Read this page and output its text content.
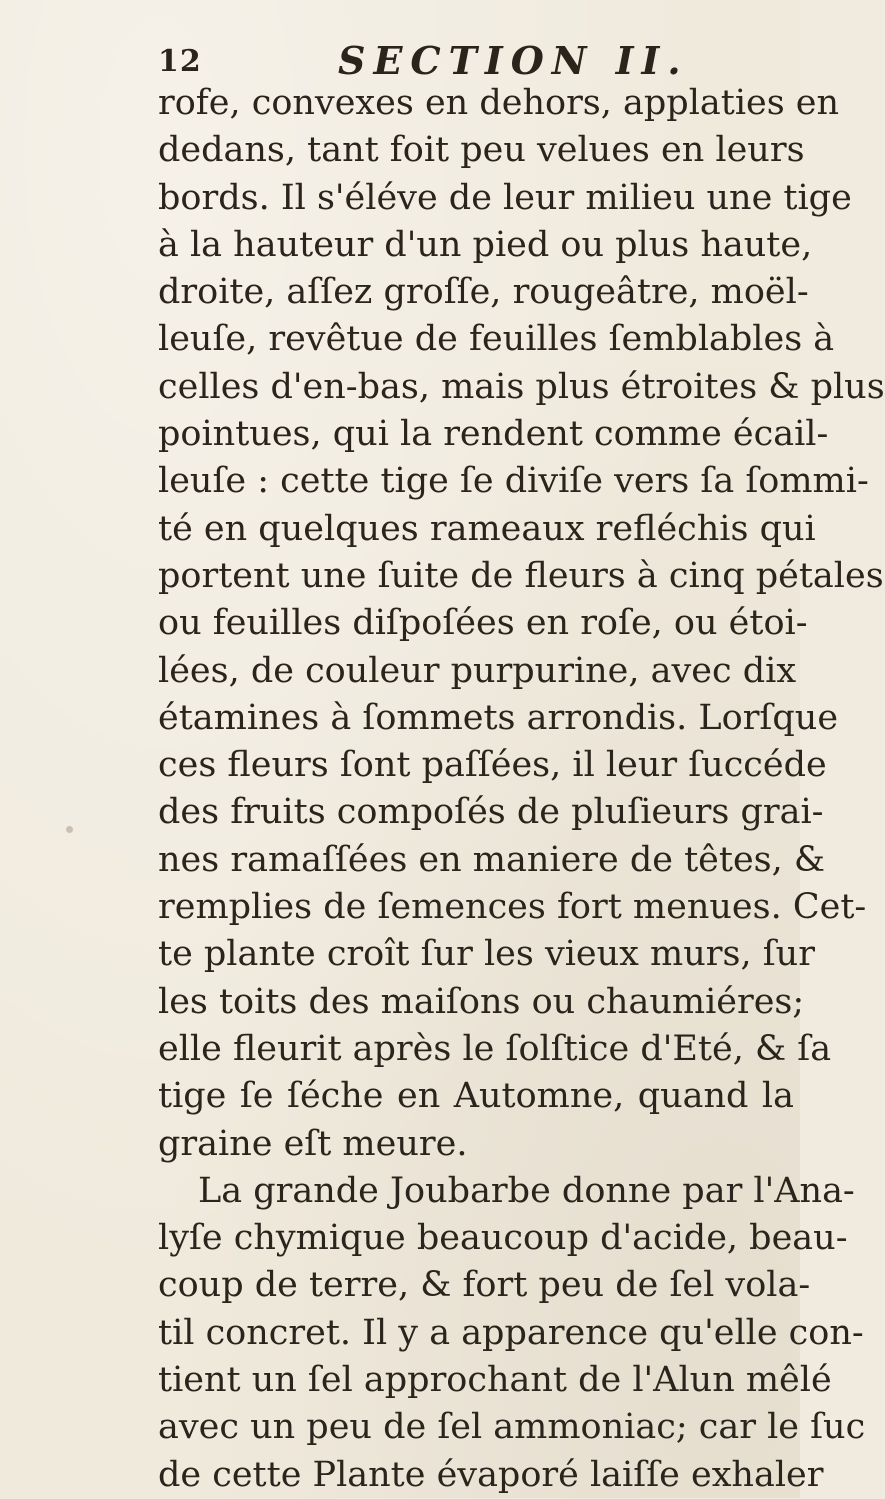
12	SECTION II.
rofe, convexes en dehors, applaties en
dedans, tant foit peu velues en leurs
bords. Il s'éléve de leur milieu une tige
à la hauteur d'un pied ou plus haute,
droite, aſſez groſſe, rougeâtre, moël-
leuſe, revêtue de feuilles ſemblables à
celles d'en-bas, mais plus étroites & plus
pointues, qui la rendent comme écail-
leuſe : cette tige ſe diviſe vers ſa ſommi-
té en quelques rameaux refléchis qui
portent une ſuite de fleurs à cinq pétales
ou feuilles diſpoſées en roſe, ou étoi-
lées, de couleur purpurine, avec dix
étamines à ſommets arrondis. Lorſque
ces fleurs ſont paſſées, il leur ſuccéde
des fruits compoſés de pluſieurs grai-
nes ramaſſées en maniere de têtes, &
remplies de ſemences fort menues. Cet-
te plante croît ſur les vieux murs, ſur
les toits des maiſons ou chaumiéres;
elle fleurit après le ſolſtice d'Eté, & ſa
tige ſe ſéche en Automne, quand la
graine eſt meure.
La grande Joubarbe donne par l'Ana-
lyſe chymique beaucoup d'acide, beau-
coup de terre, & fort peu de ſel vola-
til concret. Il y a apparence qu'elle con-
tient un ſel approchant de l'Alun mêlé
avec un peu de ſel ammoniac; car le ſuc
de cette Plante évaporé laiſſe exhaler
